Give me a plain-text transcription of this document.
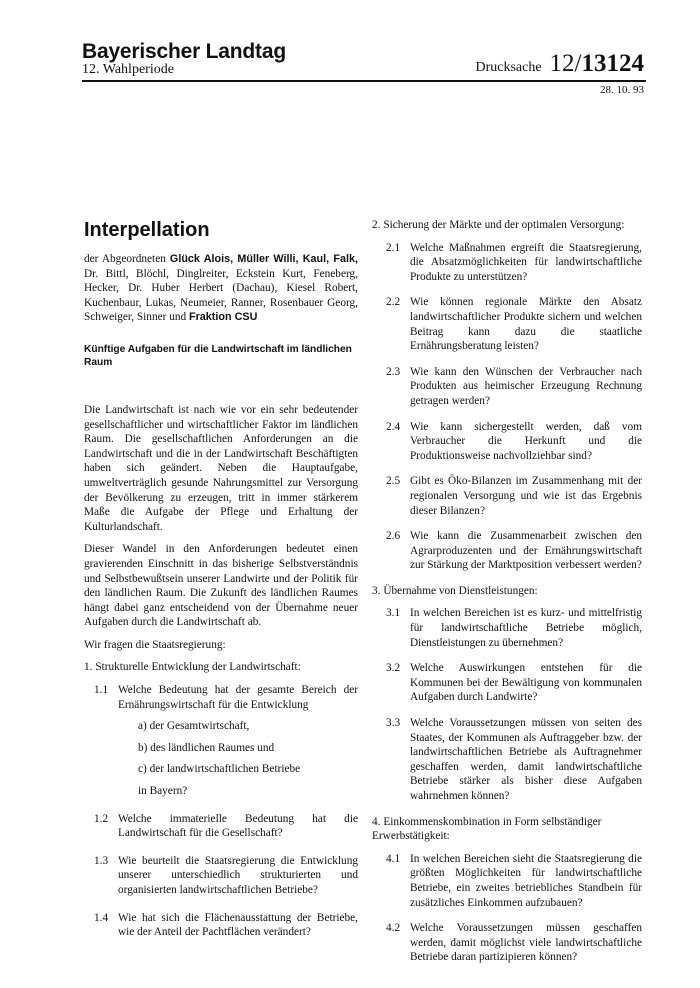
Bayerischer Landtag
12. Wahlperiode	Drucksache 12/13124
28. 10. 93
Interpellation
der Abgeordneten Glück Alois, Müller Willi, Kaul, Falk, Dr. Bittl, Blöchl, Dinglreiter, Eckstein Kurt, Feneberg, Hecker, Dr. Huber Herbert (Dachau), Kiesel Robert, Kuchenbaur, Lukas, Neumeier, Ranner, Rosenbauer Georg, Schweiger, Sinner und Fraktion CSU
Künftige Aufgaben für die Landwirtschaft im ländlichen Raum
Die Landwirtschaft ist nach wie vor ein sehr bedeutender gesellschaftlicher und wirtschaftlicher Faktor im ländlichen Raum. Die gesellschaftlichen Anforderungen an die Landwirtschaft und die in der Landwirtschaft Beschäftigten haben sich geändert. Neben die Hauptaufgabe, umweltverträglich gesunde Nahrungsmittel zur Versorgung der Bevölkerung zu erzeugen, tritt in immer stärkerem Maße die Aufgabe der Pflege und Erhaltung der Kulturlandschaft.
Dieser Wandel in den Anforderungen bedeutet einen gravierenden Einschnitt in das bisherige Selbstverständnis und Selbstbewußtsein unserer Landwirte und der Politik für den ländlichen Raum. Die Zukunft des ländlichen Raumes hängt dabei ganz entscheidend von der Übernahme neuer Aufgaben durch die Landwirtschaft ab.
Wir fragen die Staatsregierung:
1. Strukturelle Entwicklung der Landwirtschaft:
1.1 Welche Bedeutung hat der gesamte Bereich der Ernährungswirtschaft für die Entwicklung
a) der Gesamtwirtschaft,
b) des ländlichen Raumes und
c) der landwirtschaftlichen Betriebe
in Bayern?
1.2 Welche immaterielle Bedeutung hat die Landwirtschaft für die Gesellschaft?
1.3 Wie beurteilt die Staatsregierung die Entwicklung unserer unterschiedlich strukturierten und organisierten landwirtschaftlichen Betriebe?
1.4 Wie hat sich die Flächenausstattung der Betriebe, wie der Anteil der Pachtflächen verändert?
2. Sicherung der Märkte und der optimalen Versorgung:
2.1 Welche Maßnahmen ergreift die Staatsregierung, die Absatzmöglichkeiten für landwirtschaftliche Produkte zu unterstützen?
2.2 Wie können regionale Märkte den Absatz landwirtschaftlicher Produkte sichern und welchen Beitrag kann dazu die staatliche Ernährungsberatung leisten?
2.3 Wie kann den Wünschen der Verbraucher nach Produkten aus heimischer Erzeugung Rechnung getragen werden?
2.4 Wie kann sichergestellt werden, daß vom Verbraucher die Herkunft und die Produktionsweise nachvollziehbar sind?
2.5 Gibt es Öko-Bilanzen im Zusammenhang mit der regionalen Versorgung und wie ist das Ergebnis dieser Bilanzen?
2.6 Wie kann die Zusammenarbeit zwischen den Agrarproduzenten und der Ernährungswirtschaft zur Stärkung der Marktposition verbessert werden?
3. Übernahme von Dienstleistungen:
3.1 In welchen Bereichen ist es kurz- und mittelfristig für landwirtschaftliche Betriebe möglich, Dienstleistungen zu übernehmen?
3.2 Welche Auswirkungen entstehen für die Kommunen bei der Bewältigung von kommunalen Aufgaben durch Landwirte?
3.3 Welche Voraussetzungen müssen von seiten des Staates, der Kommunen als Auftraggeber bzw. der landwirtschaftlichen Betriebe als Auftragnehmer geschaffen werden, damit landwirtschaftliche Betriebe stärker als bisher diese Aufgaben wahrnehmen können?
4. Einkommenskombination in Form selbständiger Erwerbstätigkeit:
4.1 In welchen Bereichen sieht die Staatsregierung die größten Möglichkeiten für landwirtschaftliche Betriebe, ein zweites betriebliches Standbein für zusätzliches Einkommen aufzubauen?
4.2 Welche Voraussetzungen müssen geschaffen werden, damit möglichst viele landwirtschaftliche Betriebe daran partizipieren können?
